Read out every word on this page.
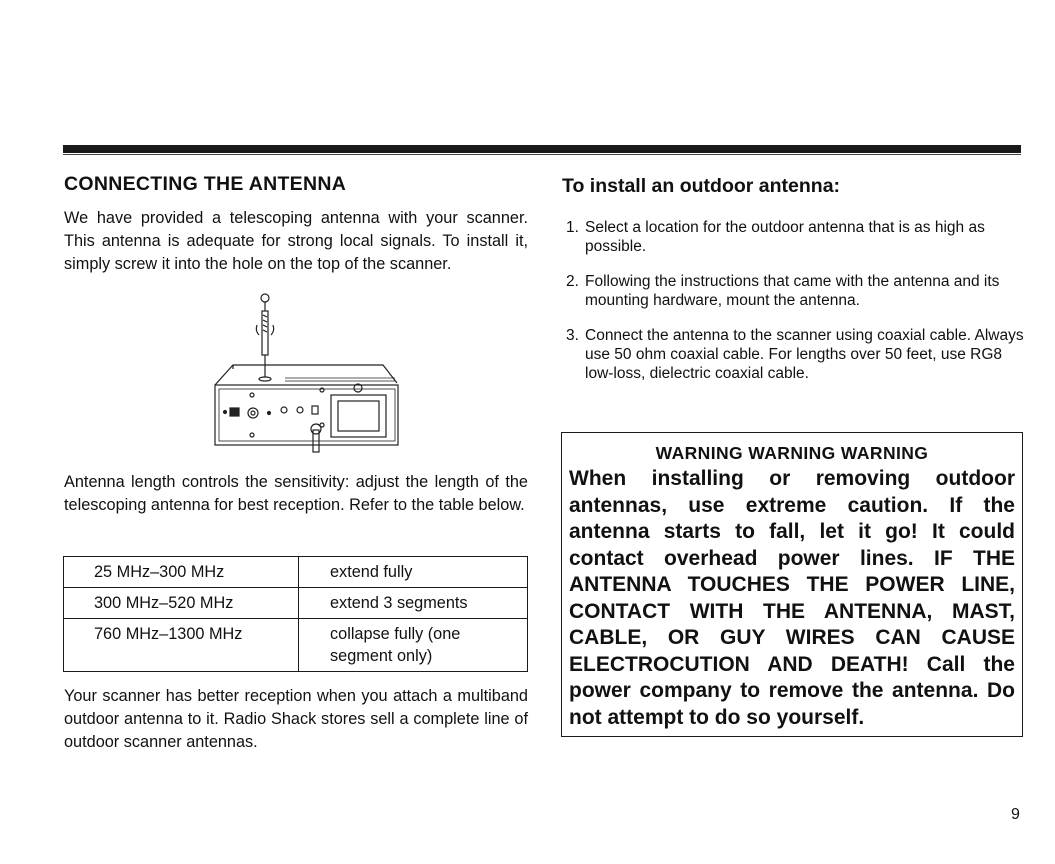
CONNECTING THE ANTENNA

We have provided a telescoping antenna with your scanner. This antenna is adequate for strong local signals. To install it, simply screw it into the hole on the top of the scanner.

Antenna length controls the sensitivity: adjust the length of the telescoping antenna for best reception. Refer to the table below.

25 MHz–300 MHz	extend fully
300 MHz–520 MHz	extend 3 segments
760 MHz–1300 MHz	collapse fully (one segment only)

Your scanner has better reception when you attach a multiband outdoor antenna to it. Radio Shack stores sell a complete line of outdoor scanner antennas.

To install an outdoor antenna:
1. Select a location for the outdoor antenna that is as high as possible.
2. Following the instructions that came with the antenna and its mounting hardware, mount the antenna.
3. Connect the antenna to the scanner using coaxial cable. Always use 50 ohm coaxial cable. For lengths over 50 feet, use RG8 low-loss, dielectric coaxial cable.
WARNING WARNING WARNING
When installing or removing outdoor antennas, use extreme caution. If the antenna starts to fall, let it go! It could contact overhead power lines. IF THE ANTENNA TOUCHES THE POWER LINE, CONTACT WITH THE ANTENNA, MAST, CABLE, OR GUY WIRES CAN CAUSE ELECTROCUTION AND DEATH! Call the power company to remove the antenna. Do not attempt to do so yourself.
9
